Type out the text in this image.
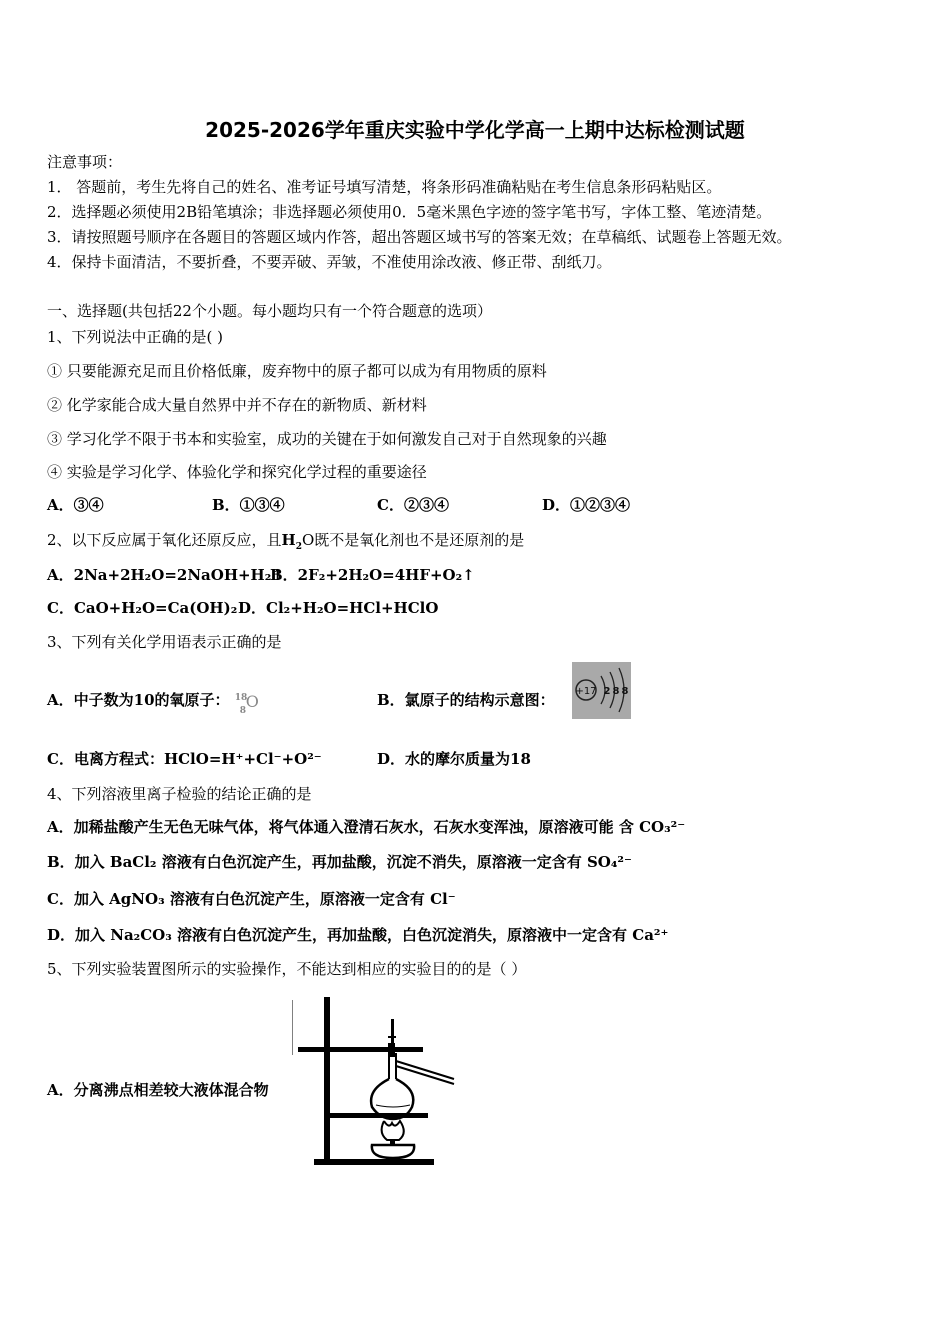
2025-2026学年重庆实验中学化学高一上期中达标检测试题
注意事项：
1． 答题前，考生先将自己的姓名、准考证号填写清楚，将条形码准确粘贴在考生信息条形码粘贴区。
2．选择题必须使用2B铅笔填涂；非选择题必须使用0．5毫米黑色字迹的签字笔书写，字体工整、笔迹清楚。
3．请按照题号顺序在各题目的答题区域内作答，超出答题区域书写的答案无效；在草稿纸、试题卷上答题无效。
4．保持卡面清洁，不要折叠，不要弄破、弄皱，不准使用涂改液、修正带、刮纸刀。
一、选择题(共包括22个小题。每小题均只有一个符合题意的选项）
1、下列说法中正确的是( )
① 只要能源充足而且价格低廉，废弃物中的原子都可以成为有用物质的原料
② 化学家能合成大量自然界中并不存在的新物质、新材料
③ 学习化学不限于书本和实验室，成功的关键在于如何激发自己对于自然现象的兴趣
④ 实验是学习化学、体验化学和探究化学过程的重要途径
A．③④	B．①③④	C．②③④	D．①②③④
2、以下反应属于氧化还原反应，且$H_2O$既不是氧化剂也不是还原剂的是
A．2Na+2H₂O=2NaOH+H₂↑
B．2F₂+2H₂O=4HF+O₂↑
C．CaO+H₂O=Ca(OH)₂ D．Cl₂+H₂O=HCl+HClO
3、下列有关化学用语表示正确的是
A．中子数为10的氧原子： 18
8 O	B．氯原子的结构示意图： +17 2 8 8
C．电离方程式：HClO=H⁺+Cl⁻+O²⁻	D．水的摩尔质量为18
4、下列溶液里离子检验的结论正确的是
A．加稀盐酸产生无色无味气体，将气体通入澄清石灰水，石灰水变浑浊，原溶液可能 含 CO₃²⁻
B．加入 BaCl₂ 溶液有白色沉淀产生，再加盐酸，沉淀不消失，原溶液一定含有 SO₄²⁻
C．加入 AgNO₃ 溶液有白色沉淀产生，原溶液一定含有 Cl⁻
D．加入 Na₂CO₃ 溶液有白色沉淀产生，再加盐酸，白色沉淀消失，原溶液中一定含有 Ca²⁺
5、下列实验装置图所示的实验操作，不能达到相应的实验目的的是（ ）
A．分离沸点相差较大液体混合物
